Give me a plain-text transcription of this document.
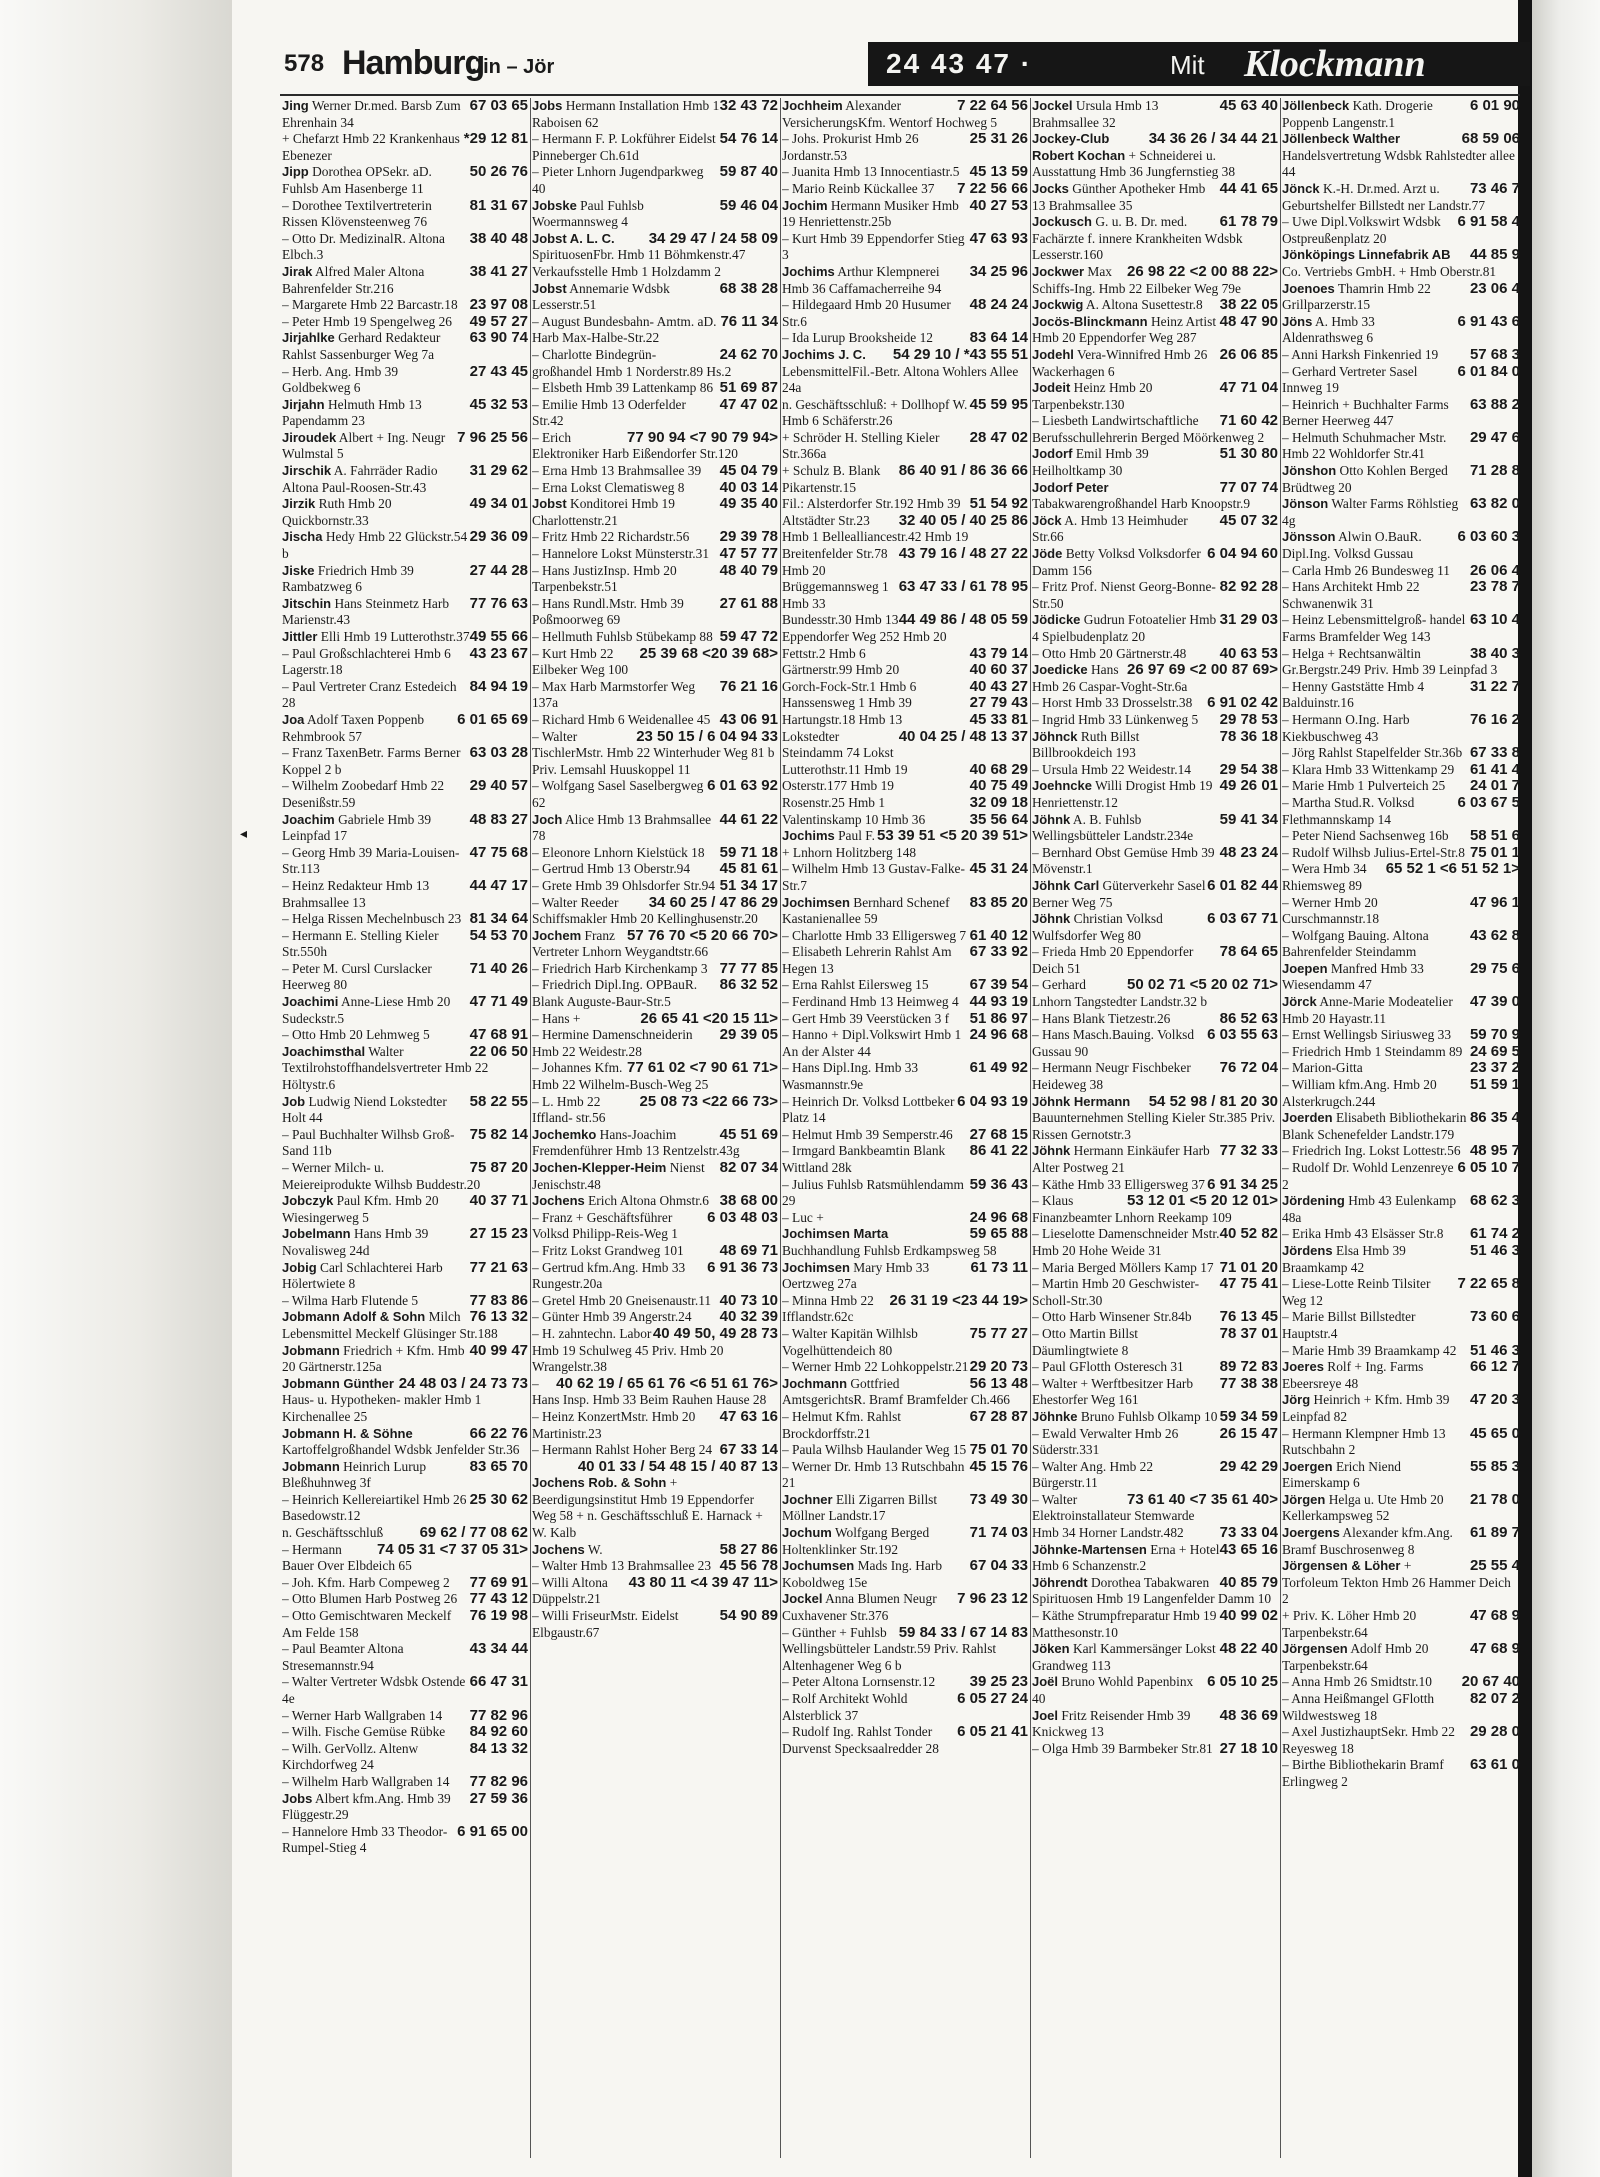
578 Hamburg
Jin – Jör	24 43 47 ·	Mit Klockmann

67 03 65
Jing Werner Dr.med. Barsb Zum Ehrenhain 34

*29 12 81
+ Chefarzt Hmb 22 Krankenhaus Ebenezer

50 26 76
Jipp Dorothea OPSekr. aD. Fuhlsb Am Hasenberge 11

81 31 67
– Dorothee Textilvertreterin Rissen Klövensteenweg 76

38 40 48
– Otto Dr. MedizinalR. Altona Elbch.3

38 41 27
Jirak Alfred Maler Altona Bahrenfelder Str.216

23 97 08
– Margarete Hmb 22 Barcastr.18

49 57 27
– Peter Hmb 19 Spengelweg 26

63 90 74
Jirjahlke Gerhard Redakteur Rahlst Sassenburger Weg 7a

27 43 45
– Herb. Ang. Hmb 39 Goldbekweg 6

45 32 53
Jirjahn Helmuth Hmb 13 Papendamm 23

7 96 25 56
Jiroudek Albert + Ing. Neugr Wulmstal 5

31 29 62
Jirschik A. Fahrräder Radio Altona Paul-Roosen-Str.43

49 34 01
Jirzik Ruth Hmb 20 Quickbornstr.33

29 36 09
Jischa Hedy Hmb 22 Glückstr.54 b

27 44 28
Jiske Friedrich Hmb 39 Rambatzweg 6

77 76 63
Jitschin Hans Steinmetz Harb Marienstr.43

49 55 66
Jittler Elli Hmb 19 Lutterothstr.37

43 23 67
– Paul Großschlachterei Hmb 6 Lagerstr.18

84 94 19
– Paul Vertreter Cranz Estedeich 28

6 01 65 69
Joa Adolf Taxen Poppenb Rehmbrook 57

63 03 28
– Franz TaxenBetr. Farms Berner Koppel 2 b

29 40 57
– Wilhelm Zoobedarf Hmb 22 Desenißstr.59

48 83 27
Joachim Gabriele Hmb 39 Leinpfad 17

47 75 68
– Georg Hmb 39 Maria-Louisen-Str.113

44 47 17
– Heinz Redakteur Hmb 13 Brahmsallee 13

81 34 64
– Helga Rissen Mechelnbusch 23

54 53 70
– Hermann E. Stelling Kieler Str.550h

71 40 26
– Peter M. Cursl Curslacker Heerweg 80

47 71 49
Joachimi Anne-Liese Hmb 20 Sudeckstr.5

47 68 91
– Otto Hmb 20 Lehmweg 5

22 06 50
Joachimsthal Walter Textilrohstoffhandelsvertreter Hmb 22 Höltystr.6

58 22 55
Job Ludwig Niend Lokstedter Holt 44

75 82 14
– Paul Buchhalter Wilhsb Groß-Sand 11b

75 87 20
– Werner Milch- u. Meiereiprodukte Wilhsb Buddestr.20

40 37 71
Jobczyk Paul Kfm. Hmb 20 Wiesingerweg 5

27 15 23
Jobelmann Hans Hmb 39 Novalisweg 24d

77 21 63
Jobig Carl Schlachterei Harb Hölertwiete 8

77 83 86
– Wilma Harb Flutende 5

76 13 32
Jobmann Adolf & Sohn Milch Lebensmittel Meckelf Glüsinger Str.188

40 99 47
Jobmann Friedrich + Kfm. Hmb 20 Gärtnerstr.125a

24 48 03 / 24 73 73
Jobmann Günther Haus- u. Hypotheken- makler Hmb 1 Kirchenallee 25

66 22 76
Jobmann H. & Söhne Kartoffelgroßhandel Wdsbk Jenfelder Str.36

83 65 70
Jobmann Heinrich Lurup Bleßhuhnweg 3f

25 30 62
– Heinrich Kellereiartikel Hmb 26 Basedowstr.12

69 62 / 77 08 62
n. Geschäftsschluß

74 05 31 <7 37 05 31>
– Hermann Bauer Over Elbdeich 65

77 69 91
– Joh. Kfm. Harb Compeweg 2

77 43 12
– Otto Blumen Harb Postweg 26

76 19 98
– Otto Gemischtwaren Meckelf Am Felde 158

43 34 44
– Paul Beamter Altona Stresemannstr.94

66 47 31
– Walter Vertreter Wdsbk Ostende 4e

77 82 96
– Werner Harb Wallgraben 14

84 92 60
– Wilh. Fische Gemüse Rübke

84 13 32
– Wilh. GerVollz. Altenw Kirchdorfweg 24

77 82 96
– Wilhelm Harb Wallgraben 14

27 59 36
Jobs Albert kfm.Ang. Hmb 39 Flüggestr.29

6 91 65 00
– Hannelore Hmb 33 Theodor-Rumpel-Stieg 4

32 43 72
Jobs Hermann Installation Hmb 1 Raboisen 62

54 76 14
– Hermann F. P. Lokführer Eidelst Pinneberger Ch.61d

59 87 40
– Pieter Lnhorn Jugendparkweg 40

59 46 04
Jobske Paul Fuhlsb Woermannsweg 4

34 29 47 / 24 58 09
Jobst A. L. C. SpirituosenFbr. Hmb 11 Böhmkenstr.47 Verkaufsstelle Hmb 1 Holzdamm 2

68 38 28
Jobst Annemarie Wdsbk Lesserstr.51

76 11 34
– August Bundesbahn- Amtm. aD. Harb Max-Halbe-Str.22

24 62 70
– Charlotte Bindegrün- großhandel Hmb 1 Norderstr.89 Hs.2

51 69 87
– Elsbeth Hmb 39 Lattenkamp 86

47 47 02
– Emilie Hmb 13 Oderfelder Str.42

77 90 94 <7 90 79 94>
– Erich Elektroniker Harb Eißendorfer Str.120

45 04 79
– Erna Hmb 13 Brahmsallee 39

40 03 14
– Erna Lokst Clematisweg 8

49 35 40
Jobst Konditorei Hmb 19 Charlottenstr.21

29 39 78
– Fritz Hmb 22 Richardstr.56

47 57 77
– Hannelore Lokst Münsterstr.31

48 40 79
– Hans JustizInsp. Hmb 20 Tarpenbekstr.51

27 61 88
– Hans Rundl.Mstr. Hmb 39 Poßmoorweg 69

59 47 72
– Hellmuth Fuhlsb Stübekamp 88

25 39 68 <20 39 68>
– Kurt Hmb 22 Eilbeker Weg 100

76 21 16
– Max Harb Marmstorfer Weg 137a

43 06 91
– Richard Hmb 6 Weidenallee 45

23 50 15 / 6 04 94 33
– Walter TischlerMstr. Hmb 22 Winterhuder Weg 81 b Priv. Lemsahl Huuskoppel 11

6 01 63 92
– Wolfgang Sasel Saselbergweg 62

44 61 22
Joch Alice Hmb 13 Brahmsallee 78

59 71 18
– Eleonore Lnhorn Kielstück 18

45 81 61
– Gertrud Hmb 13 Oberstr.94

51 34 17
– Grete Hmb 39 Ohlsdorfer Str.94

34 60 25 / 47 86 29
– Walter Reeder Schiffsmakler Hmb 20 Kellinghusenstr.20

57 76 70 <5 20 66 70>
Jochem Franz Vertreter Lnhorn Weygandtstr.66

77 77 85
– Friedrich Harb Kirchenkamp 3

86 32 52
– Friedrich Dipl.Ing. OPBauR. Blank Auguste-Baur-Str.5

26 65 41 <20 15 11>
– Hans +

29 39 05
– Hermine Damenschneiderin Hmb 22 Weidestr.28

77 61 02 <7 90 61 71>
– Johannes Kfm. Hmb 22 Wilhelm-Busch-Weg 25

25 08 73 <22 66 73>
– L. Hmb 22 Iffland- str.56

45 51 69
Jochemko Hans-Joachim Fremdenführer Hmb 13 Rentzelstr.43g

82 07 34
Jochen-Klepper-Heim Nienst Jenischstr.48

38 68 00
Jochens Erich Altona Ohmstr.6

6 03 48 03
– Franz + Geschäftsführer Volksd Philipp-Reis-Weg 1

48 69 71
– Fritz Lokst Grandweg 101

6 91 36 73
– Gertrud kfm.Ang. Hmb 33 Rungestr.20a

40 73 10
– Gretel Hmb 20 Gneisenaustr.11

40 32 39
– Günter Hmb 39 Angerstr.24

40 49 50, 49 28 73
– H. zahntechn. Labor Hmb 19 Schulweg 45 Priv. Hmb 20 Wrangelstr.38

40 62 19 / 65 61 76 <6 51 61 76>
– Hans Insp. Hmb 33 Beim Rauhen Hause 28

47 63 16
– Heinz KonzertMstr. Hmb 20 Martinistr.23

67 33 14
– Hermann Rahlst Hoher Berg 24

40 01 33 / 54 48 15 / 40 87 13
Jochens Rob. & Sohn + Beerdigungsinstitut Hmb 19 Eppendorfer Weg 58 + n. Geschäftsschluß E. Harnack + W. Kalb

58 27 86
Jochens W.

45 56 78
– Walter Hmb 13 Brahmsallee 23

43 80 11 <4 39 47 11>
– Willi Altona Düppelstr.21

54 90 89
– Willi FriseurMstr. Eidelst Elbgaustr.67

7 22 64 56
Jochheim Alexander VersicherungsKfm. Wentorf Hochweg 5

25 31 26
– Johs. Prokurist Hmb 26 Jordanstr.53

45 13 59
– Juanita Hmb 13 Innocentiastr.5

7 22 56 66
– Mario Reinb Kückallee 37

40 27 53
Jochim Hermann Musiker Hmb 19 Henriettenstr.25b

47 63 93
– Kurt Hmb 39 Eppendorfer Stieg 3

34 25 96
Jochims Arthur Klempnerei Hmb 36 Caffamacherreihe 94

48 24 24
– Hildegaard Hmb 20 Husumer Str.6

83 64 14
– Ida Lurup Brooksheide 12

54 29 10 / *43 55 51
Jochims J. C. LebensmittelFil.-Betr. Altona Wohlers Allee 24a

45 59 95
n. Geschäftsschluß: + Dollhopf W. Hmb 6 Schäferstr.26

28 47 02
+ Schröder H. Stelling Kieler Str.366a

86 40 91 / 86 36 66
+ Schulz B. Blank Pikartenstr.15

51 54 92
Fil.: Alsterdorfer Str.192 Hmb 39

32 40 05 / 40 25 86
Altstädter Str.23 Hmb 1 Bellealliancestr.42 Hmb 19

43 79 16 / 48 27 22
Breitenfelder Str.78 Hmb 20

63 47 33 / 61 78 95
Brüggemannsweg 1 Hmb 33

44 49 86 / 48 05 59
Bundesstr.30 Hmb 13 Eppendorfer Weg 252 Hmb 20

43 79 14
Fettstr.2 Hmb 6

40 60 37
Gärtnerstr.99 Hmb 20

40 43 27
Gorch-Fock-Str.1 Hmb 6

27 79 43
Hanssensweg 1 Hmb 39

45 33 81
Hartungstr.18 Hmb 13

40 04 25 / 48 13 37
Lokstedter Steindamm 74 Lokst

40 68 29
Lutterothstr.11 Hmb 19

40 75 49
Osterstr.177 Hmb 19

32 09 18
Rosenstr.25 Hmb 1

35 56 64
Valentinskamp 10 Hmb 36

53 39 51 <5 20 39 51>
Jochims Paul F. + Lnhorn Holitzberg 148

45 31 24
– Wilhelm Hmb 13 Gustav-Falke-Str.7

83 85 20
Jochimsen Bernhard Schenef Kastanienallee 59

61 40 12
– Charlotte Hmb 33 Elligersweg 7

67 33 92
– Elisabeth Lehrerin Rahlst Am Hegen 13

67 39 54
– Erna Rahlst Eilersweg 15

44 93 19
– Ferdinand Hmb 13 Heimweg 4

51 86 97
– Gert Hmb 39 Veerstücken 3 f

24 96 68
– Hanno + Dipl.Volkswirt Hmb 1 An der Alster 44

61 49 92
– Hans Dipl.Ing. Hmb 33 Wasmannstr.9e

6 04 93 19
– Heinrich Dr. Volksd Lottbeker Platz 14

27 68 15
– Helmut Hmb 39 Semperstr.46

86 41 22
– Irmgard Bankbeamtin Blank Wittland 28k

59 36 43
– Julius Fuhlsb Ratsmühlendamm 29

24 96 68
– Luc +

59 65 88
Jochimsen Marta Buchhandlung Fuhlsb Erdkampsweg 58

61 73 11
Jochimsen Mary Hmb 33 Oertzweg 27a

26 31 19 <23 44 19>
– Minna Hmb 22 Ifflandstr.62c

75 77 27
– Walter Kapitän Wilhlsb Vogelhüttendeich 80

29 20 73
– Werner Hmb 22 Lohkoppelstr.21

56 13 48
Jochmann Gottfried AmtsgerichtsR. Bramf Bramfelder Ch.466

67 28 87
– Helmut Kfm. Rahlst Brockdorffstr.21

75 01 70
– Paula Wilhsb Haulander Weg 15

45 15 76
– Werner Dr. Hmb 13 Rutschbahn 21

73 49 30
Jochner Elli Zigarren Billst Möllner Landstr.17

71 74 03
Jochum Wolfgang Berged Holtenklinker Str.192

67 04 33
Jochumsen Mads Ing. Harb Koboldweg 15e

7 96 23 12
Jockel Anna Blumen Neugr Cuxhavener Str.376

59 84 33 / 67 14 83
– Günther + Fuhlsb Wellingsbütteler Landstr.59 Priv. Rahlst Altenhagener Weg 6 b

39 25 23
– Peter Altona Lornsenstr.12

6 05 27 24
– Rolf Architekt Wohld Alsterblick 37

6 05 21 41
– Rudolf Ing. Rahlst Tonder Durvenst Specksaalredder 28

45 63 40
Jockel Ursula Hmb 13 Brahmsallee 32

34 36 26 / 34 44 21
Jockey-Club Robert Kochan + Schneiderei u. Ausstattung Hmb 36 Jungfernstieg 38

44 41 65
Jocks Günther Apotheker Hmb 13 Brahmsallee 35

61 78 79
Jockusch G. u. B. Dr. med. Fachärzte f. innere Krankheiten Wdsbk Lesserstr.160

26 98 22 <2 00 88 22>
Jockwer Max Schiffs-Ing. Hmb 22 Eilbeker Weg 79e

38 22 05
Jockwig A. Altona Susettestr.8

48 47 90
Jocös-Blinckmann Heinz Artist Hmb 20 Eppendorfer Weg 287

26 06 85
Jodehl Vera-Winnifred Hmb 26 Wackerhagen 6

47 71 04
Jodeit Heinz Hmb 20 Tarpenbekstr.130

71 60 42
– Liesbeth Landwirtschaftliche Berufsschullehrerin Berged Möörkenweg 2

51 30 80
Jodorf Emil Hmb 39 Heilholtkamp 30

77 07 74
Jodorf Peter Tabakwarengroßhandel Harb Knoopstr.9

45 07 32
Jöck A. Hmb 13 Heimhuder Str.66

6 04 94 60
Jöde Betty Volksd Volksdorfer Damm 156

82 92 28
– Fritz Prof. Nienst Georg-Bonne-Str.50

31 29 03
Jödicke Gudrun Fotoatelier Hmb 4 Spielbudenplatz 20

40 63 53
– Otto Hmb 20 Gärtnerstr.48

26 97 69 <2 00 87 69>
Joedicke Hans Hmb 26 Caspar-Voght-Str.6a

6 91 02 42
– Horst Hmb 33 Drosselstr.38

29 78 53
– Ingrid Hmb 33 Lünkenweg 5

78 36 18
Jöhnck Ruth Billst Billbrookdeich 193

29 54 38
– Ursula Hmb 22 Weidestr.14

49 26 01
Joehncke Willi Drogist Hmb 19 Henriettenstr.12

59 41 34
Jöhnk A. B. Fuhlsb Wellingsbütteler Landstr.234e

48 23 24
– Bernhard Obst Gemüse Hmb 39 Mövenstr.1

6 01 82 44
Jöhnk Carl Güterverkehr Sasel Berner Weg 75

6 03 67 71
Jöhnk Christian Volksd Wulfsdorfer Weg 80

78 64 65
– Frieda Hmb 20 Eppendorfer Deich 51

50 02 71 <5 20 02 71>
– Gerhard Lnhorn Tangstedter Landstr.32 b

86 52 63
– Hans Blank Tietzestr.26

6 03 55 63
– Hans Masch.Bauing. Volksd Gussau 90

76 72 04
– Hermann Neugr Fischbeker Heideweg 38

54 52 98 / 81 20 30
Jöhnk Hermann Bauunternehmen Stelling Kieler Str.385 Priv. Rissen Gernotstr.3

77 32 33
Jöhnk Hermann Einkäufer Harb Alter Postweg 21

6 91 34 25
– Käthe Hmb 33 Elligersweg 37

53 12 01 <5 20 12 01>
– Klaus Finanzbeamter Lnhorn Reekamp 109

40 52 82
– Lieselotte Damenschneider Mstr. Hmb 20 Hohe Weide 31

71 01 20
– Maria Berged Möllers Kamp 17

47 75 41
– Martin Hmb 20 Geschwister-Scholl-Str.30

76 13 45
– Otto Harb Winsener Str.84b

78 37 01
– Otto Martin Billst Däumlingtwiete 8

89 72 83
– Paul GFlotth Osteresch 31

77 38 38
– Walter + Werftbesitzer Harb Ehestorfer Weg 161

59 34 59
Jöhnke Bruno Fuhlsb Olkamp 10

26 15 47
– Ewald Verwalter Hmb 26 Süderstr.331

29 42 29
– Walter Ang. Hmb 22 Bürgerstr.11

73 61 40 <7 35 61 40>
– Walter Elektroinstallateur Stemwarde

73 33 04
Hmb 34 Horner Landstr.482

43 65 16
Jöhnke-Martensen Erna + Hotel Hmb 6 Schanzenstr.2

40 85 79
Jöhrendt Dorothea Tabakwaren Spirituosen Hmb 19 Langenfelder Damm 10

40 99 02
– Käthe Strumpfreparatur Hmb 19 Matthesonstr.10

48 22 40
Jöken Karl Kammersänger Lokst Grandweg 113

6 05 10 25
Joël Bruno Wohld Papenbinx 40

48 36 69
Joel Fritz Reisender Hmb 39 Knickweg 13

27 18 10
– Olga Hmb 39 Barmbeker Str.81

6 01 90
Jöllenbeck Kath. Drogerie Poppenb Langenstr.1

68 59 06
Jöllenbeck Walther Handelsvertretung Wdsbk Rahlstedter allee 44

73 46 7
Jönck K.-H. Dr.med. Arzt u. Geburtshelfer Billstedt ner Landstr.77

6 91 58 4
– Uwe Dipl.Volkswirt Wdsbk Ostpreußenplatz 20

44 85 9
Jönköpings Linnefabrik AB Co. Vertriebs GmbH. + Hmb Oberstr.81

23 06 4
Joenoes Thamrin Hmb 22 Grillparzerstr.15

6 91 43 6
Jöns A. Hmb 33 Aldenrathsweg 6

57 68 3
– Anni Harksh Finkenried 19

6 01 84 0
– Gerhard Vertreter Sasel Innweg 19

63 88 2
– Heinrich + Buchhalter Farms Berner Heerweg 447

29 47 6
– Helmuth Schuhmacher Mstr. Hmb 22 Wohldorfer Str.41

71 28 8
Jönshon Otto Kohlen Berged Brüdtweg 20

63 82 0
Jönson Walter Farms Röhlstieg 4g

6 03 60 3
Jönsson Alwin O.BauR. Dipl.Ing. Volksd Gussau

26 06 4
– Carla Hmb 26 Bundesweg 11

23 78 7
– Hans Architekt Hmb 22 Schwanenwik 31

63 10 4
– Heinz Lebensmittelgroß- handel Farms Bramfelder Weg 143

38 40 3
– Helga + Rechtsanwältin Gr.Bergstr.249 Priv. Hmb 39 Leinpfad 3

31 22 7
– Henny Gaststätte Hmb 4 Balduinstr.16

76 16 2
– Hermann O.Ing. Harb Kiekbuschweg 43

67 33 8
– Jörg Rahlst Stapelfelder Str.36b

61 41 4
– Klara Hmb 33 Wittenkamp 29

24 01 7
– Marie Hmb 1 Pulverteich 25

6 03 67 5
– Martha Stud.R. Volksd Flethmannskamp 14

58 51 6
– Peter Niend Sachsenweg 16b

75 01 1
– Rudolf Wilhsb Julius-Ertel-Str.8

65 52 1 <6 51 52 1>
– Wera Hmb 34 Rhiemsweg 89

47 96 1
– Werner Hmb 20 Curschmannstr.18

43 62 8
– Wolfgang Bauing. Altona Bahrenfelder Steindamm

29 75 6
Joepen Manfred Hmb 33 Wiesendamm 47

47 39 0
Jörck Anne-Marie Modeatelier Hmb 20 Hayastr.11

59 70 9
– Ernst Wellingsb Siriusweg 33

24 69 5
– Friedrich Hmb 1 Steindamm 89

23 37 2
– Marion-Gitta

51 59 1
– William kfm.Ang. Hmb 20 Alsterkrugch.244

86 35 4
Joerden Elisabeth Bibliothekarin Blank Schenefelder Landstr.179

48 95 7
– Friedrich Ing. Lokst Lottestr.56

6 05 10 7
– Rudolf Dr. Wohld Lenzenreye 2

68 62 3
Jördening Hmb 43 Eulenkamp 48a

61 74 2
– Erika Hmb 43 Elsässer Str.8

51 46 3
Jördens Elsa Hmb 39 Braamkamp 42

7 22 65 8
– Liese-Lotte Reinb Tilsiter Weg 12

73 60 6
– Marie Billst Billstedter Hauptstr.4

51 46 3
– Marie Hmb 39 Braamkamp 42

66 12 7
Joeres Rolf + Ing. Farms Ebeersreye 48

47 20 3
Jörg Heinrich + Kfm. Hmb 39 Leinpfad 82

45 65 0
– Hermann Klempner Hmb 13 Rutschbahn 2

55 85 3
Joergen Erich Niend Eimerskamp 6

21 78 0
Jörgen Helga u. Ute Hmb 20 Kellerkampsweg 52

61 89 7
Joergens Alexander kfm.Ang. Bramf Buschrosenweg 8

25 55 4
Jörgensen & Löher + Torfoleum Tekton Hmb 26 Hammer Deich 2

47 68 9
+ Priv. K. Löher Hmb 20 Tarpenbekstr.64

47 68 9
Jörgensen Adolf Hmb 20 Tarpenbekstr.64

20 67 40
– Anna Hmb 26 Smidtstr.10

82 07 2
– Anna Heißmangel GFlotth Wildwestsweg 18

29 28 0
– Axel JustizhauptSekr. Hmb 22 Reyesweg 18

63 61 0
– Birthe Bibliothekarin Bramf Erlingweg 2

◂
